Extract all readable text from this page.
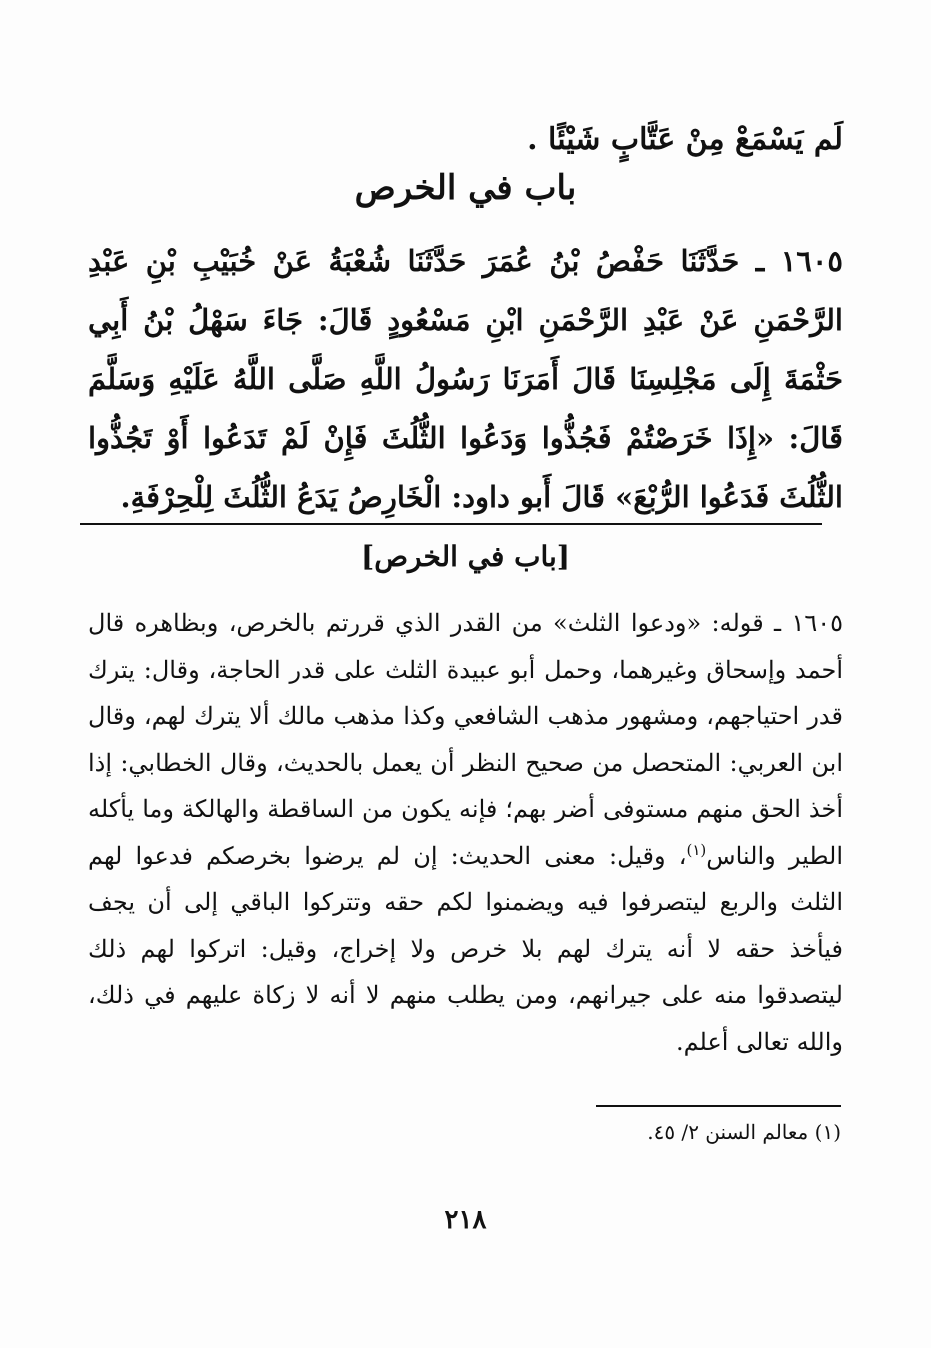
لَم يَسْمَعْ مِنْ عَتَّابٍ شَيْئًا .
باب في الخرص

١٦٠٥ ـ حَدَّثَنَا حَفْصُ بْنُ عُمَرَ حَدَّثَنَا شُعْبَةُ عَنْ خُبَيْبِ بْنِ عَبْدِ الرَّحْمَنِ عَنْ عَبْدِ الرَّحْمَنِ ابْنِ مَسْعُودٍ قَالَ: جَاءَ سَهْلُ بْنُ أَبِي حَثْمَةَ إِلَى مَجْلِسِنَا قَالَ أَمَرَنَا رَسُولُ اللَّهِ صَلَّى اللَّهُ عَلَيْهِ وَسَلَّمَ قَالَ: «إِذَا خَرَصْتُمْ فَجُذُّوا وَدَعُوا الثُّلُثَ فَإِنْ لَمْ تَدَعُوا أَوْ تَجُذُّوا الثُّلُثَ فَدَعُوا الرُّبْعَ» قَالَ أَبو داود: الْخَارِصُ يَدَعُ الثُّلُثَ لِلْحِرْفَةِ.

[باب في الخرص]

١٦٠٥ ـ قوله: «ودعوا الثلث» من القدر الذي قررتم بالخرص، وبظاهره قال أحمد وإسحاق وغيرهما، وحمل أبو عبيدة الثلث على قدر الحاجة، وقال: يترك قدر احتياجهم، ومشهور مذهب الشافعي وكذا مذهب مالك ألا يترك لهم، وقال ابن العربي: المتحصل من صحيح النظر أن يعمل بالحديث، وقال الخطابي: إذا أخذ الحق منهم مستوفى أضر بهم؛ فإنه يكون من الساقطة والهالكة وما يأكله الطير والناس$^{(١)}$، وقيل: معنى الحديث: إن لم يرضوا بخرصكم فدعوا لهم الثلث والربع ليتصرفوا فيه ويضمنوا لكم حقه وتتركوا الباقي إلى أن يجف فيأخذ حقه لا أنه يترك لهم بلا خرص ولا إخراج، وقيل: اتركوا لهم ذلك ليتصدقوا منه على جيرانهم، ومن يطلب منهم لا أنه لا زكاة عليهم في ذلك، والله تعالى أعلم.

(١) معالم السنن ٢/ ٤٥.
٢١٨
